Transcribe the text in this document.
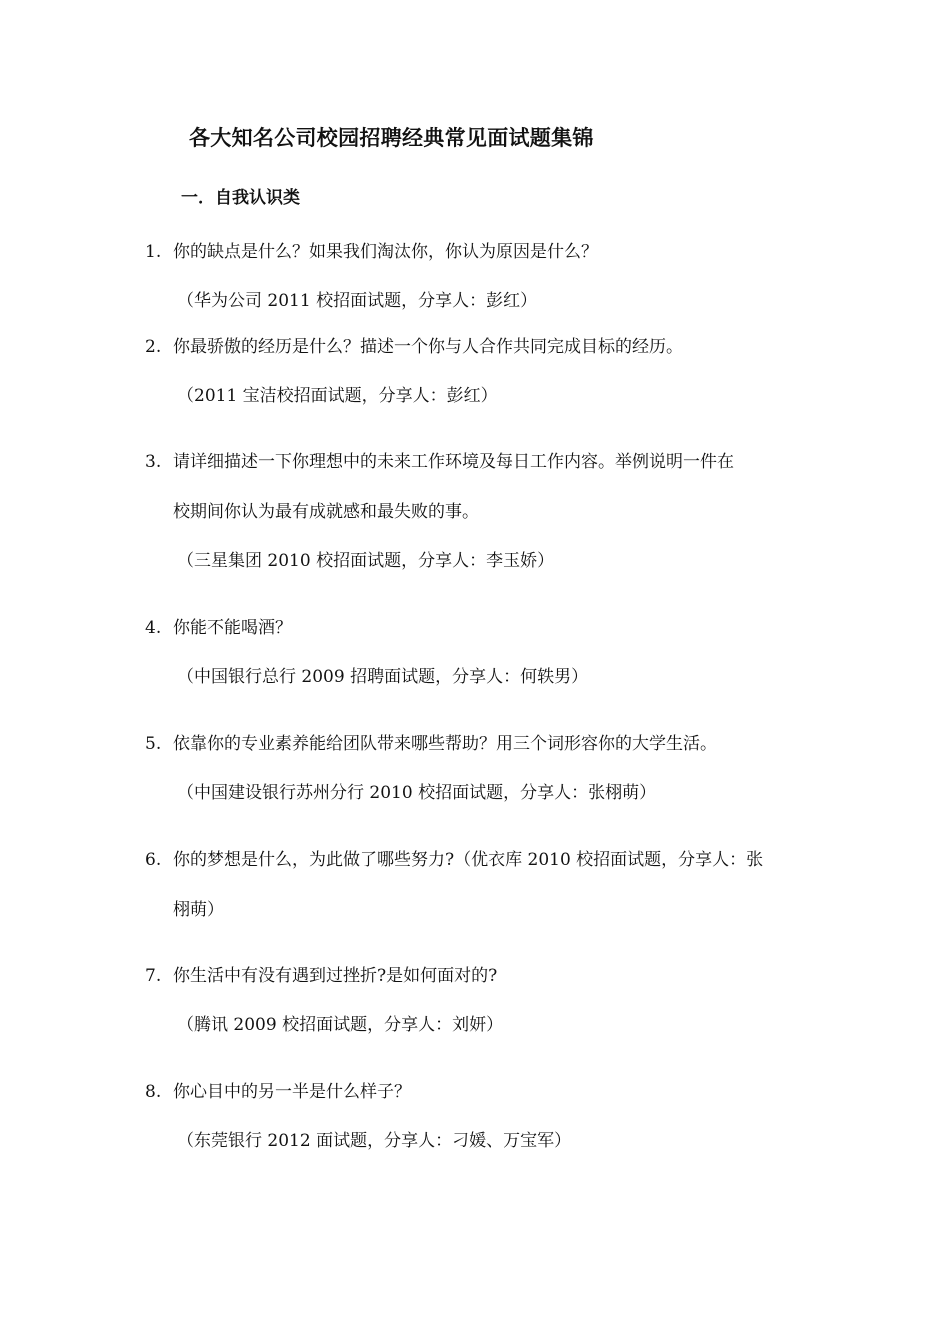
各大知名公司校园招聘经典常见面试题集锦
一．自我认识类
1. 你的缺点是什么？如果我们淘汰你，你认为原因是什么？
（华为公司 2011 校招面试题，分享人：彭红）
2. 你最骄傲的经历是什么？描述一个你与人合作共同完成目标的经历。
（2011 宝洁校招面试题，分享人：彭红）
3. 请详细描述一下你理想中的未来工作环境及每日工作内容。举例说明一件在
校期间你认为最有成就感和最失败的事。
（三星集团 2010 校招面试题，分享人：李玉娇）
4. 你能不能喝酒？
（中国银行总行 2009 招聘面试题，分享人：何轶男）
5. 依靠你的专业素养能给团队带来哪些帮助？用三个词形容你的大学生活。
（中国建设银行苏州分行 2010 校招面试题，分享人：张栩萌）
6. 你的梦想是什么，为此做了哪些努力?（优衣库 2010 校招面试题，分享人：张
栩萌）
7. 你生活中有没有遇到过挫折?是如何面对的?
（腾讯 2009 校招面试题，分享人：刘妍）
8. 你心目中的另一半是什么样子？
（东莞银行 2012 面试题，分享人：刁媛、万宝军）
